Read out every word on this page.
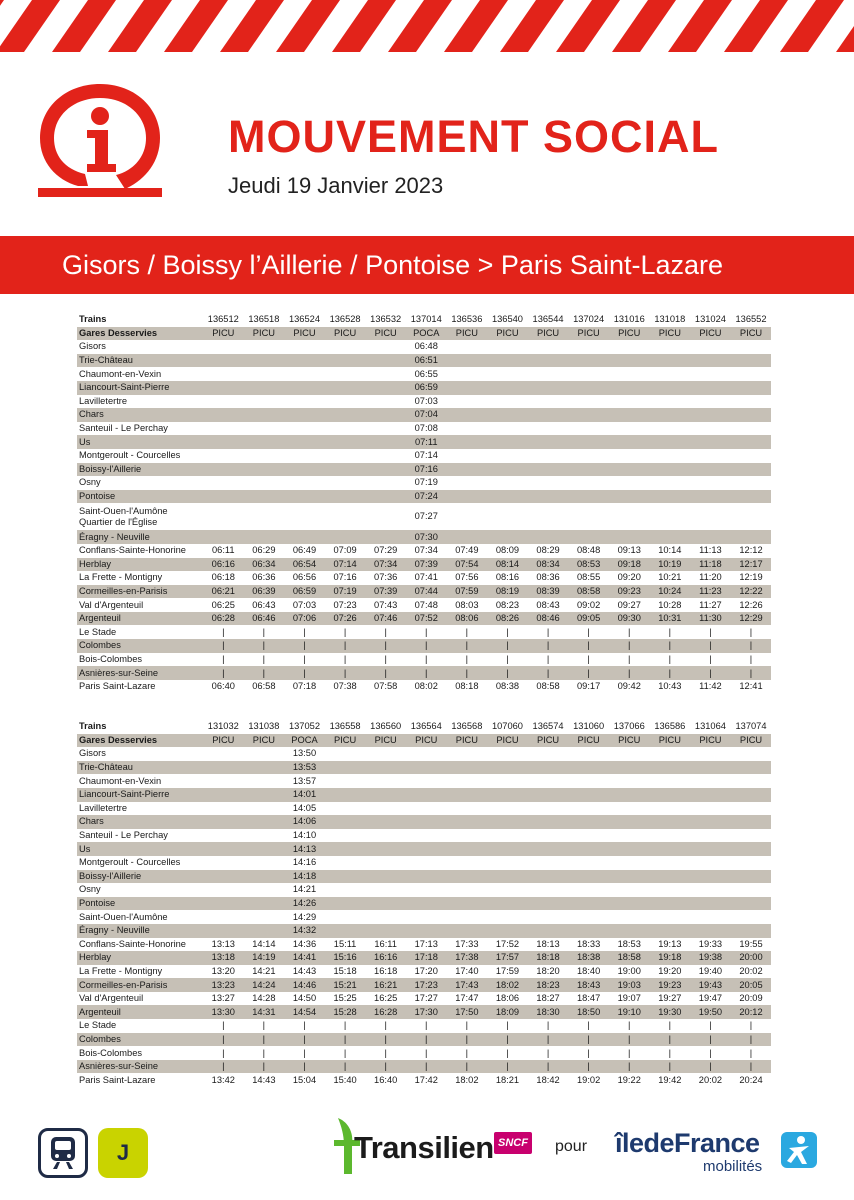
MOUVEMENT SOCIAL
Jeudi 19 Janvier 2023
Gisors / Boissy l’Aillerie / Pontoise > Paris Saint-Lazare
Trains	136512	136518	136524	136528	136532	137014	136536	136540	136544	137024	131016	131018	131024	136552
Gares Desservies	PICU	PICU	PICU	PICU	PICU	POCA	PICU	PICU	PICU	PICU	PICU	PICU	PICU	PICU

Gisors						06:48								

Trie-Château						06:51								

Chaumont-en-Vexin						06:55								

Liancourt-Saint-Pierre						06:59								

Lavilletertre						07:03								

Chars						07:04								

Santeuil - Le Perchay						07:08								

Us						07:11								

Montgeroult - Courcelles						07:14								

Boissy-l'Aillerie						07:16								

Osny						07:19								

Pontoise						07:24								

Saint-Ouen-l'Aumône
Quartier de l'Église						07:27								

Éragny - Neuville						07:30								

Conflans-Sainte-Honorine	06:11	06:29	06:49	07:09	07:29	07:34	07:49	08:09	08:29	08:48	09:13	10:14	11:13	12:12

Herblay	06:16	06:34	06:54	07:14	07:34	07:39	07:54	08:14	08:34	08:53	09:18	10:19	11:18	12:17

La Frette - Montigny	06:18	06:36	06:56	07:16	07:36	07:41	07:56	08:16	08:36	08:55	09:20	10:21	11:20	12:19

Cormeilles-en-Parisis	06:21	06:39	06:59	07:19	07:39	07:44	07:59	08:19	08:39	08:58	09:23	10:24	11:23	12:22

Val d'Argenteuil	06:25	06:43	07:03	07:23	07:43	07:48	08:03	08:23	08:43	09:02	09:27	10:28	11:27	12:26

Argenteuil	06:28	06:46	07:06	07:26	07:46	07:52	08:06	08:26	08:46	09:05	09:30	10:31	11:30	12:29

Le Stade	|	|	|	|	|	|	|	|	|	|	|	|	|	|

Colombes	|	|	|	|	|	|	|	|	|	|	|	|	|	|

Bois-Colombes	|	|	|	|	|	|	|	|	|	|	|	|	|	|

Asnières-sur-Seine	|	|	|	|	|	|	|	|	|	|	|	|	|	|

Paris Saint-Lazare	06:40	06:58	07:18	07:38	07:58	08:02	08:18	08:38	08:58	09:17	09:42	10:43	11:42	12:41
Trains	131032	131038	137052	136558	136560	136564	136568	107060	136574	131060	137066	136586	131064	137074
Gares Desservies	PICU	PICU	POCA	PICU	PICU	PICU	PICU	PICU	PICU	PICU	PICU	PICU	PICU	PICU

Gisors			13:50											

Trie-Château			13:53											

Chaumont-en-Vexin			13:57											

Liancourt-Saint-Pierre			14:01											

Lavilletertre			14:05											

Chars			14:06											

Santeuil - Le Perchay			14:10											

Us			14:13											

Montgeroult - Courcelles			14:16											

Boissy-l'Aillerie			14:18											

Osny			14:21											

Pontoise			14:26											

Saint-Ouen-l'Aumône			14:29											

Éragny - Neuville			14:32											

Conflans-Sainte-Honorine	13:13	14:14	14:36	15:11	16:11	17:13	17:33	17:52	18:13	18:33	18:53	19:13	19:33	19:55

Herblay	13:18	14:19	14:41	15:16	16:16	17:18	17:38	17:57	18:18	18:38	18:58	19:18	19:38	20:00

La Frette - Montigny	13:20	14:21	14:43	15:18	16:18	17:20	17:40	17:59	18:20	18:40	19:00	19:20	19:40	20:02

Cormeilles-en-Parisis	13:23	14:24	14:46	15:21	16:21	17:23	17:43	18:02	18:23	18:43	19:03	19:23	19:43	20:05

Val d'Argenteuil	13:27	14:28	14:50	15:25	16:25	17:27	17:47	18:06	18:27	18:47	19:07	19:27	19:47	20:09

Argenteuil	13:30	14:31	14:54	15:28	16:28	17:30	17:50	18:09	18:30	18:50	19:10	19:30	19:50	20:12

Le Stade	|	|	|	|	|	|	|	|	|	|	|	|	|	|

Colombes	|	|	|	|	|	|	|	|	|	|	|	|	|	|

Bois-Colombes	|	|	|	|	|	|	|	|	|	|	|	|	|	|

Asnières-sur-Seine	|	|	|	|	|	|	|	|	|	|	|	|	|	|

Paris Saint-Lazare	13:42	14:43	15:04	15:40	16:40	17:42	18:02	18:21	18:42	19:02	19:22	19:42	20:02	20:24
J	Transilien SNCF pour îledeFrance
mobilités
